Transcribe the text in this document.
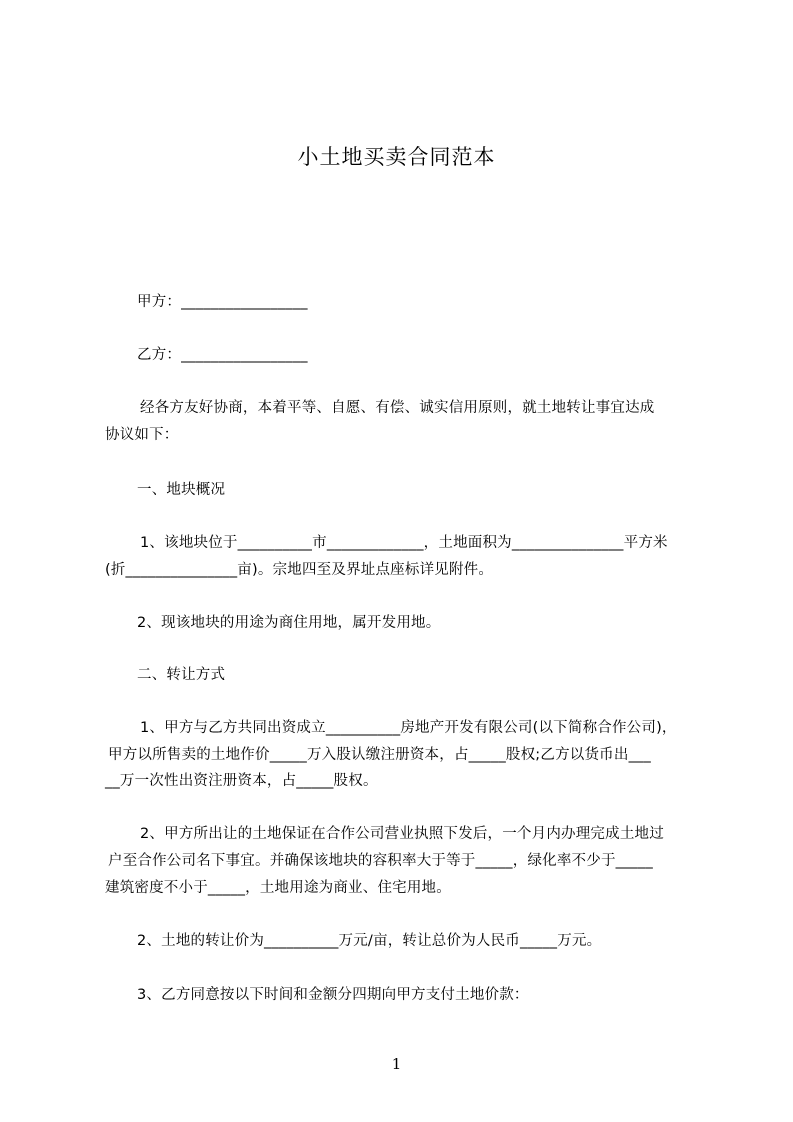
小土地买卖合同范本
甲方：_________________
乙方：_________________
经各方友好协商，本着平等、自愿、有偿、诚实信用原则，就土地转让事宜达成
协议如下：
一、地块概况
1、该地块位于__________市_____________，土地面积为_______________平方米
(折_______________亩)。宗地四至及界址点座标详见附件。
2、现该地块的用途为商住用地，属开发用地。
二、转让方式
1、甲方与乙方共同出资成立__________房地产开发有限公司(以下简称合作公司)，
甲方以所售卖的土地作价_____万入股认缴注册资本，占_____股权;乙方以货币出___
__万一次性出资注册资本，占_____股权。
2、甲方所出让的土地保证在合作公司营业执照下发后，一个月内办理完成土地过
户至合作公司名下事宜。并确保该地块的容积率大于等于_____，绿化率不少于_____
建筑密度不小于_____，土地用途为商业、住宅用地。
2、土地的转让价为__________万元/亩，转让总价为人民币_____万元。
3、乙方同意按以下时间和金额分四期向甲方支付土地价款：
1
